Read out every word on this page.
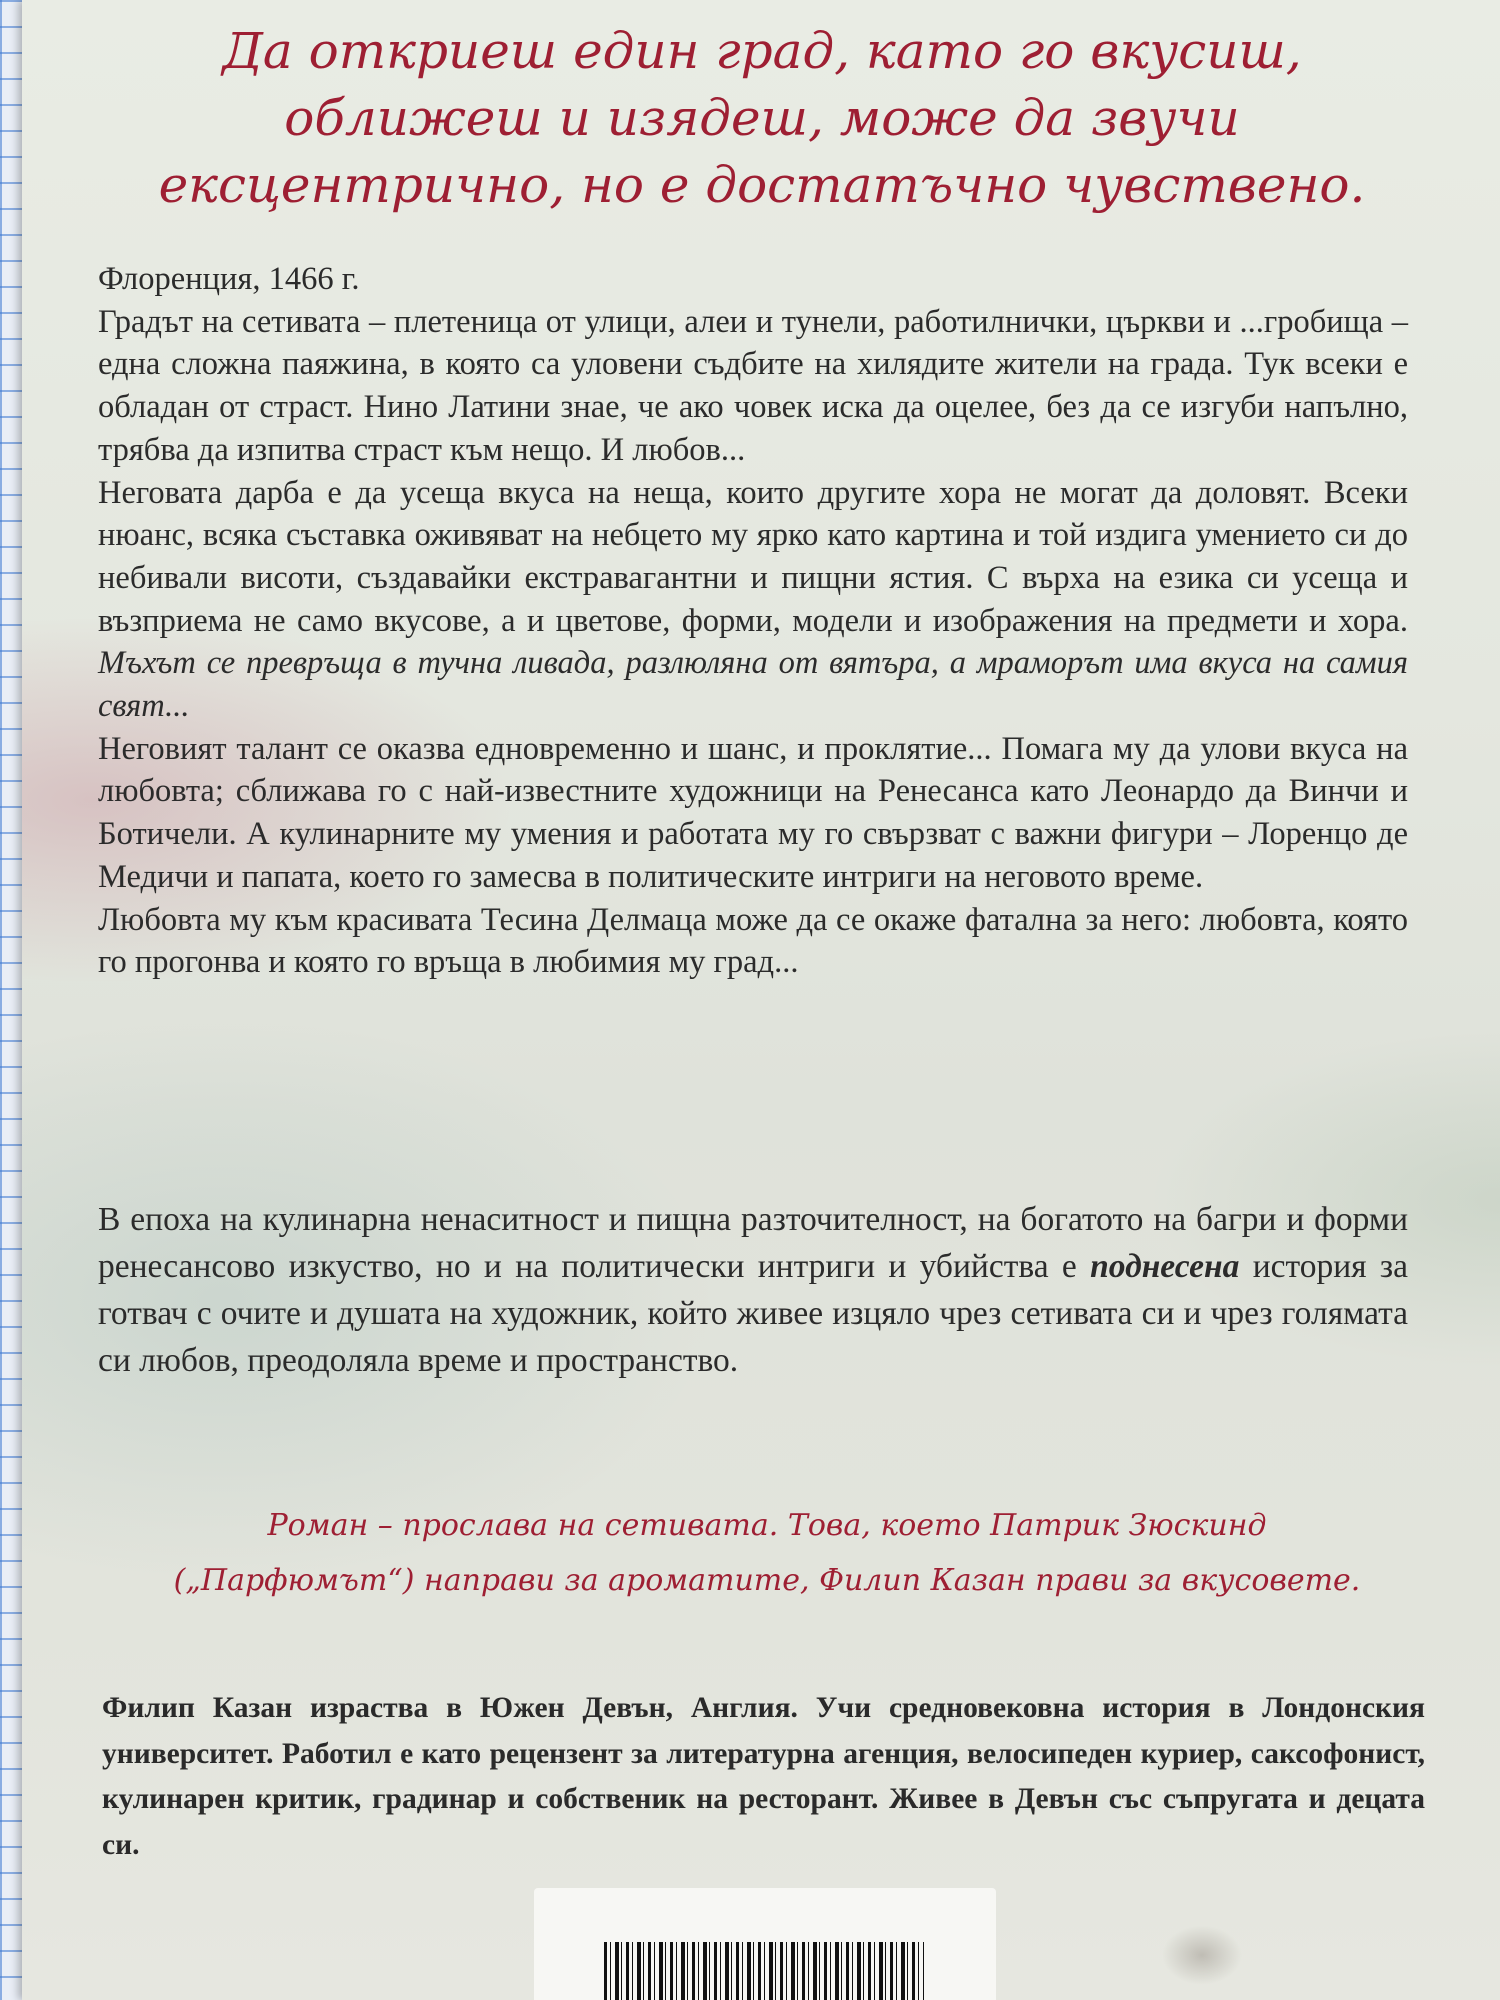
Да откриеш един град, като го вкусиш,
оближеш и изядеш, може да звучи
ексцентрично, но е достатъчно чувствено.

Флоренция, 1466 г.

Градът на сетивата – плетеница от улици, алеи и тунели, работилнички, църкви и ...гробища – една сложна паяжина, в която са уловени съдбите на хилядите жители на града. Тук всеки е обладан от страст. Нино Латини знае, че ако човек иска да оцелее, без да се изгуби напълно, трябва да изпитва страст към нещо. И любов...

Неговата дарба е да усеща вкуса на неща, които другите хора не могат да доловят. Всеки нюанс, всяка съставка оживяват на небцето му ярко като картина и той издига умението си до небивали висоти, създавайки екстравагантни и пищни ястия. С върха на езика си усеща и възприема не само вкусове, а и цветове, форми, модели и изображения на предмети и хора. Мъхът се превръща в тучна ливада, разлюляна от вятъра, а мраморът има вкуса на самия свят...

Неговият талант се оказва едновременно и шанс, и проклятие... Помага му да улови вкуса на любовта; сближава го с най-известните художници на Ренесанса като Леонардо да Винчи и Ботичели. А кулинарните му умения и работата му го свързват с важни фигури – Лоренцо де Медичи и папата, което го замесва в политическите интриги на неговото време.

Любовта му към красивата Тесина Делмаца може да се окаже фатална за него: любовта, която го прогонва и която го връща в любимия му град...

В епоха на кулинарна ненаситност и пищна разточителност, на богатото на багри и форми ренесансово изкуство, но и на политически интриги и убийства е поднесена история за готвач с очите и душата на художник, който живее изцяло чрез сетивата си и чрез голямата си любов, преодоляла време и пространство.

Роман – прослава на сетивата. Това, което Патрик Зюскинд
(„Парфюмът“) направи за ароматите, Филип Казан прави за вкусовете.

Филип Казан израства в Южен Девън, Англия. Учи средновековна история в Лондонския университет. Работил е като рецензент за литературна агенция, велосипеден куриер, саксофонист, кулинарен критик, градинар и собственик на ресторант. Живее в Девън със съпругата и децата си.
